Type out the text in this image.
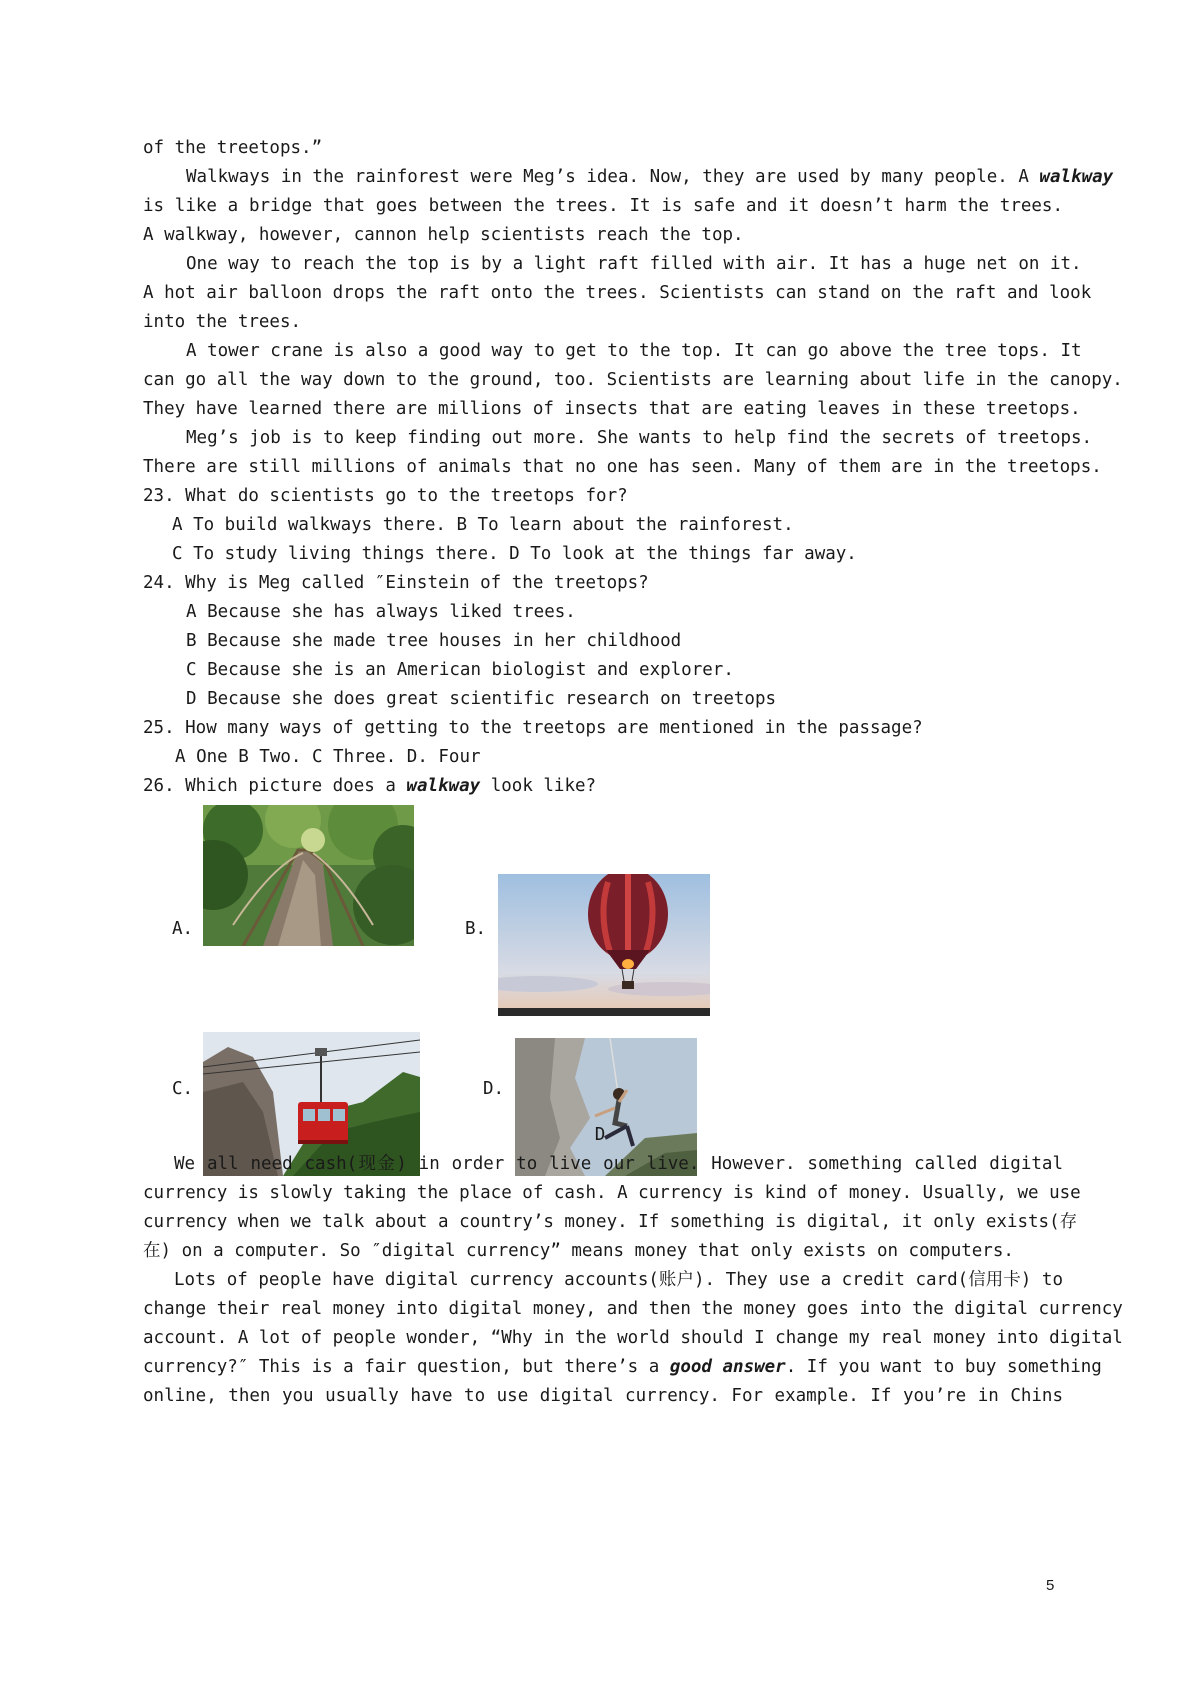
of the treetops.”
Walkways in the rainforest were Meg’s idea. Now, they are used by many people. A walkway
is like a bridge that goes between the trees. It is safe and it doesn’t harm the trees.
A walkway, however, cannon help scientists reach the top.
One way to reach the top is by a light raft filled with air. It has a huge net on it.
A hot air balloon drops the raft onto the trees. Scientists can stand on the raft and look
into the trees.
A tower crane is also a good way to get to the top. It can go above the tree tops. It
can go all the way down to the ground, too. Scientists are learning about life in the canopy.
They have learned there are millions of insects that are eating leaves in these treetops.
Meg’s job is to keep finding out more. She wants to help find the secrets of treetops.
There are still millions of animals that no one has seen. Many of them are in the treetops.
23. What do scientists go to the treetops for?
A To build walkways there. B To learn about the rainforest.
C To study living things there. D To look at the things far away.
24. Why is Meg called ″Einstein of the treetops?
A Because she has always liked trees.
B Because she made tree houses in her childhood
C Because she is an American biologist and explorer.
D Because she does great scientific research on treetops
25. How many ways of getting to the treetops are mentioned in the passage?
A One B Two. C Three. D. Four
26. Which picture does a walkway look like?
A.	B.
C.	D.
D
We all need cash(现金) in order to live our live. However. something called digital
currency is slowly taking the place of cash. A currency is kind of money. Usually, we use
currency when we talk about a country’s money. If something is digital, it only exists(存
在) on a computer. So ″digital currency” means money that only exists on computers.
Lots of people have digital currency accounts(账户). They use a credit card(信用卡) to
change their real money into digital money, and then the money goes into the digital currency
account. A lot of people wonder, “Why in the world should I change my real money into digital
currency?″ This is a fair question, but there’s a good answer. If you want to buy something
online, then you usually have to use digital currency. For example. If you’re in Chins
5
